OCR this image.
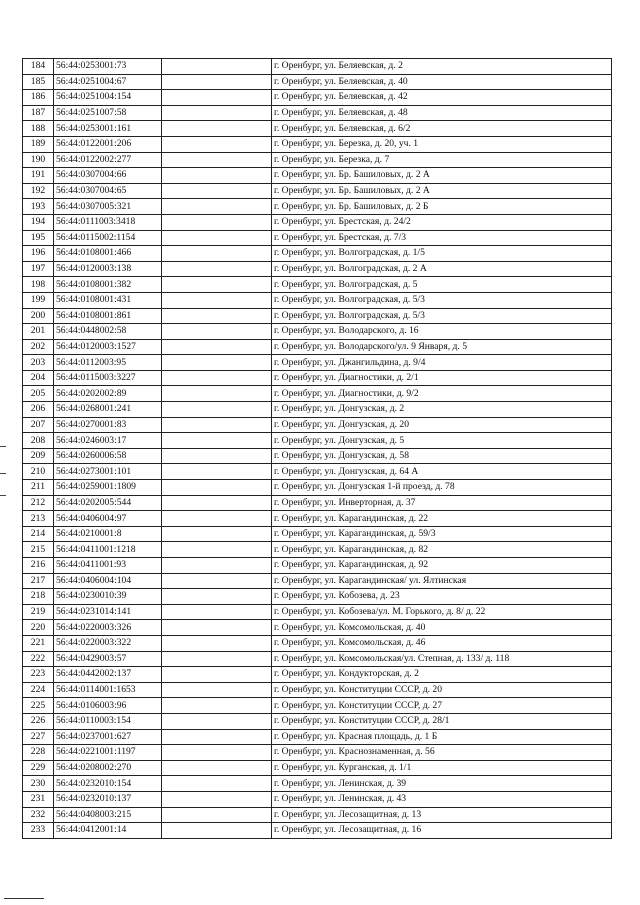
184	56:44:0253001:73		г. Оренбург, ул. Беляевская, д. 2
185	56:44:0251004:67		г. Оренбург, ул. Беляевская, д. 40
186	56:44:0251004:154		г. Оренбург, ул. Беляевская, д. 42
187	56:44:0251007:58		г. Оренбург, ул. Беляевская, д. 48
188	56:44:0253001:161		г. Оренбург, ул. Беляевская, д. 6/2
189	56:44:0122001:206		г. Оренбург, ул. Березка, д. 20, уч. 1
190	56:44:0122002:277		г. Оренбург, ул. Березка, д. 7
191	56:44:0307004:66		г. Оренбург, ул. Бр. Башиловых, д. 2 А
192	56:44:0307004:65		г. Оренбург, ул. Бр. Башиловых, д. 2 А
193	56:44:0307005:321		г. Оренбург, ул. Бр. Башиловых, д. 2 Б
194	56:44:0111003:3418		г. Оренбург, ул. Брестская, д. 24/2
195	56:44:0115002:1154		г. Оренбург, ул. Брестская, д. 7/3
196	56:44:0108001:466		г. Оренбург, ул. Волгоградская, д. 1/5
197	56:44:0120003:138		г. Оренбург, ул. Волгоградская, д. 2 А
198	56:44:0108001:382		г. Оренбург, ул. Волгоградская, д. 5
199	56:44:0108001:431		г. Оренбург, ул. Волгоградская, д. 5/3
200	56:44:0108001:861		г. Оренбург, ул. Волгоградская, д. 5/3
201	56:44:0448002:58		г. Оренбург, ул. Володарского, д. 16
202	56:44:0120003:1527		г. Оренбург, ул. Володарского/ул. 9 Января, д. 5
203	56:44:0112003:95		г. Оренбург, ул. Джангильдина, д. 9/4
204	56:44:0115003:3227		г. Оренбург, ул. Диагностики, д. 2/1
205	56:44:0202002:89		г. Оренбург, ул. Диагностики, д. 9/2
206	56:44:0268001:241		г. Оренбург, ул. Донгузская, д. 2
207	56:44:0270001:83		г. Оренбург, ул. Донгузская, д. 20
208	56:44:0246003:17		г. Оренбург, ул. Донгузская, д. 5
209	56:44:0260006:58		г. Оренбург, ул. Донгузская, д. 58
210	56:44:0273001:101		г. Оренбург, ул. Донгузская, д. 64 А
211	56:44:0259001:1809		г. Оренбург, ул. Донгузская 1-й проезд, д. 78
212	56:44:0202005:544		г. Оренбург, ул. Инверторная, д. 37
213	56:44:0406004:97		г. Оренбург, ул. Карагандинская, д. 22
214	56:44:0210001:8		г. Оренбург, ул. Карагандинская, д. 59/3
215	56:44:0411001:1218		г. Оренбург, ул. Карагандинская, д. 82
216	56:44:0411001:93		г. Оренбург, ул. Карагандинская, д. 92
217	56:44:0406004:104		г. Оренбург, ул. Карагандинская/ ул. Ялтинская
218	56:44:0230010:39		г. Оренбург, ул. Кобозева, д. 23
219	56:44:0231014:141		г. Оренбург, ул. Кобозева/ул. М. Горького, д. 8/ д. 22
220	56:44:0220003:326		г. Оренбург, ул. Комсомольская, д. 40
221	56:44:0220003:322		г. Оренбург, ул. Комсомольская, д. 46
222	56:44:0429003:57		г. Оренбург, ул. Комсомольская/ул. Степная, д. 133/ д. 118
223	56:44:0442002:137		г. Оренбург, ул. Кондукторская, д. 2
224	56:44:0114001:1653		г. Оренбург, ул. Конституции СССР, д. 20
225	56:44:0106003:96		г. Оренбург, ул. Конституции СССР, д. 27
226	56:44:0110003:154		г. Оренбург, ул. Конституции СССР, д. 28/1
227	56:44:0237001:627		г. Оренбург, ул. Красная площадь, д. 1 Б
228	56:44:0221001:1197		г. Оренбург, ул. Краснознаменная, д. 56
229	56:44:0208002:270		г. Оренбург, ул. Курганская, д. 1/1
230	56:44:0232010:154		г. Оренбург, ул. Ленинская, д. 39
231	56:44:0232010:137		г. Оренбург, ул. Ленинская, д. 43
232	56:44:0408003:215		г. Оренбург, ул. Лесозащитная, д. 13
233	56:44:0412001:14		г. Оренбург, ул. Лесозащитная, д. 16
